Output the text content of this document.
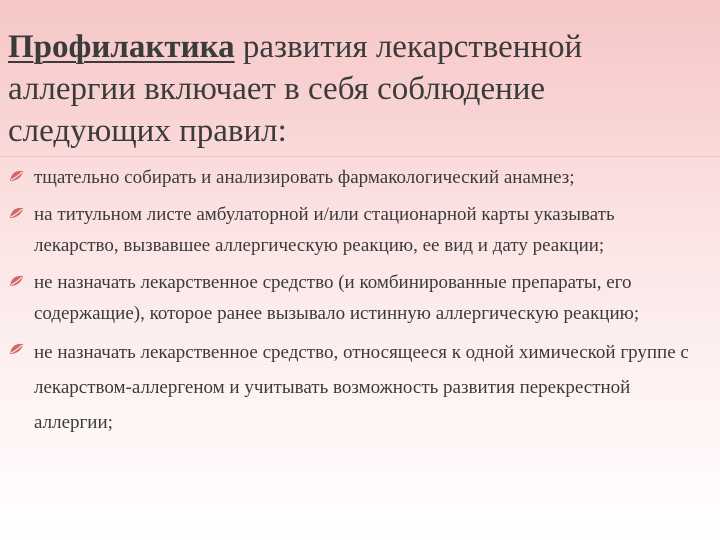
Профилактика развития лекарственной аллергии включает в себя соблюдение следующих правил:
тщательно собирать и анализировать фармакологический анамнез;
на титульном листе амбулаторной и/или стационарной карты указывать лекарство, вызвавшее аллергическую реакцию, ее вид и дату реакции;
не назначать лекарственное средство (и комбинированные препараты, его содержащие), которое ранее вызывало истинную аллергическую реакцию;
не назначать лекарственное средство, относящееся к одной химической группе с лекарством-аллергеном и учитывать возможность развития перекрестной аллергии;
